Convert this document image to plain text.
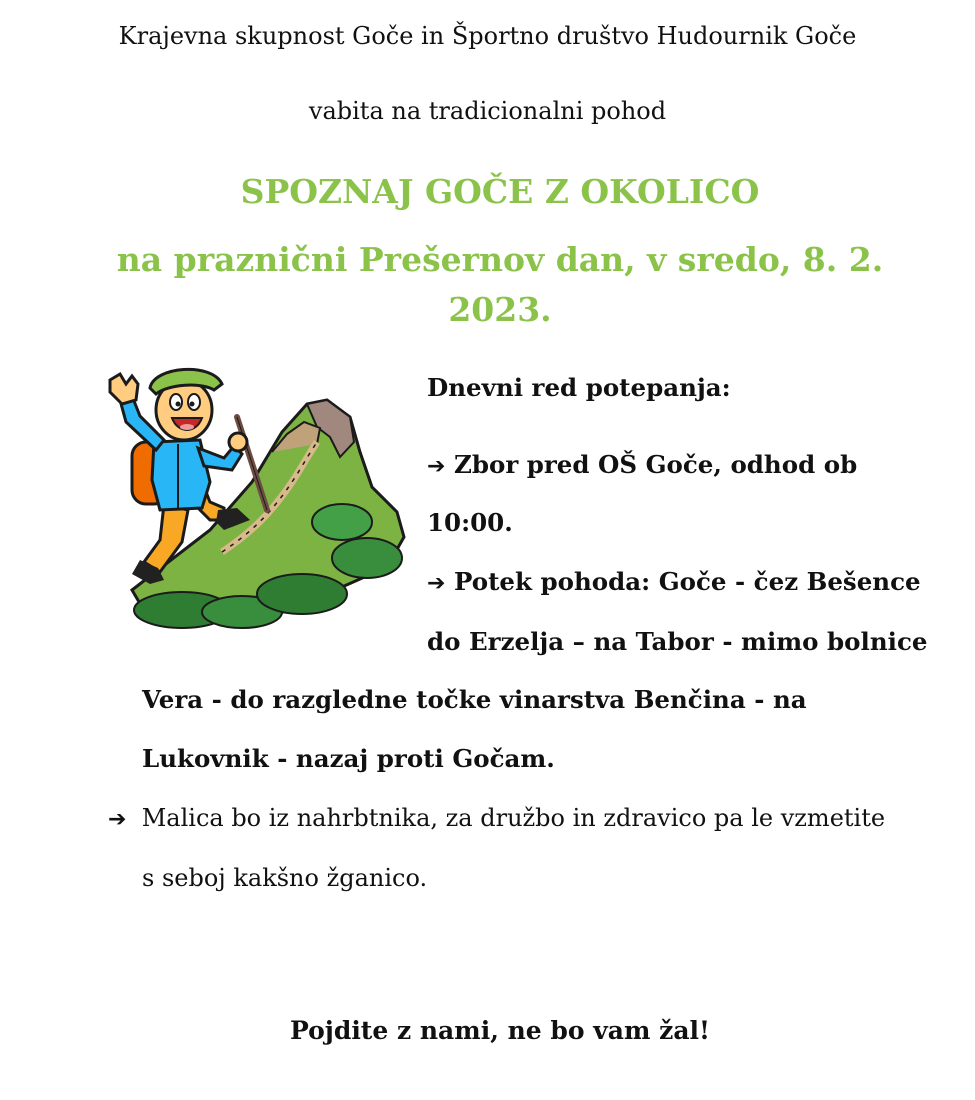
Krajevna skupnost Goče in Športno društvo Hudournik Goče
vabita na tradicionalni pohod
SPOZNAJ GOČE Z OKOLICO
na praznični Prešernov dan, v sredo, 8. 2.
2023.
Dnevni red potepanja:
➔ Zbor pred OŠ Goče, odhod ob
10:00.
➔ Potek pohoda: Goče - čez Bešence
do Erzelja – na Tabor - mimo bolnice
Vera - do razgledne točke vinarstva Benčina - na
Lukovnik - nazaj proti Gočam.
➔ Malica bo iz nahrbtnika, za družbo in zdravico pa le vzmetite
s seboj kakšno žganico.
Pojdite z nami, ne bo vam žal!
